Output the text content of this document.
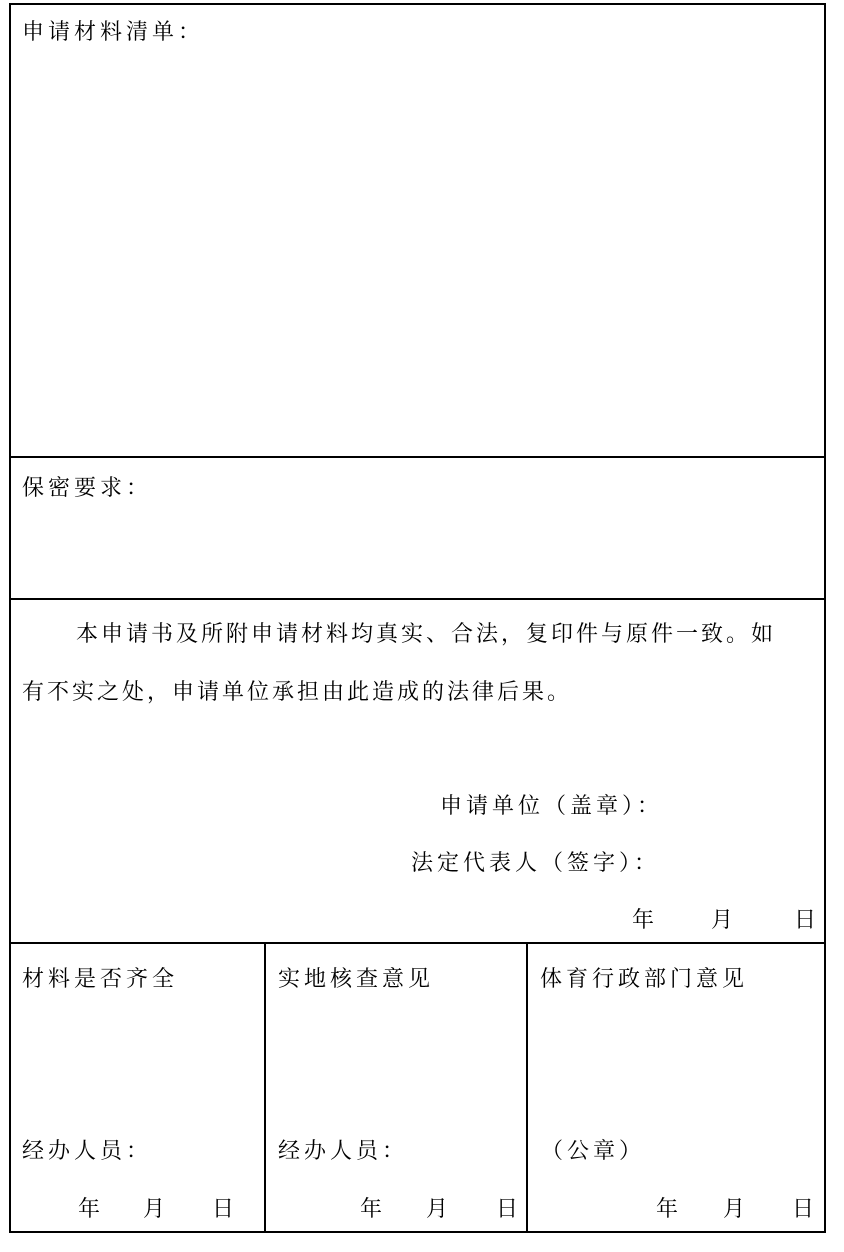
申请材料清单：
保密要求：
本申请书及所附申请材料均真实、合法，复印件与原件一致。如
有不实之处，申请单位承担由此造成的法律后果。
申请单位（盖章）：
法定代表人（签字）：
年 月	日
材料是否齐全
经办人员：
年 月 日
实地核查意见
经办人员：
年 月 日
体育行政部门意见
（公章）
年 月 日
